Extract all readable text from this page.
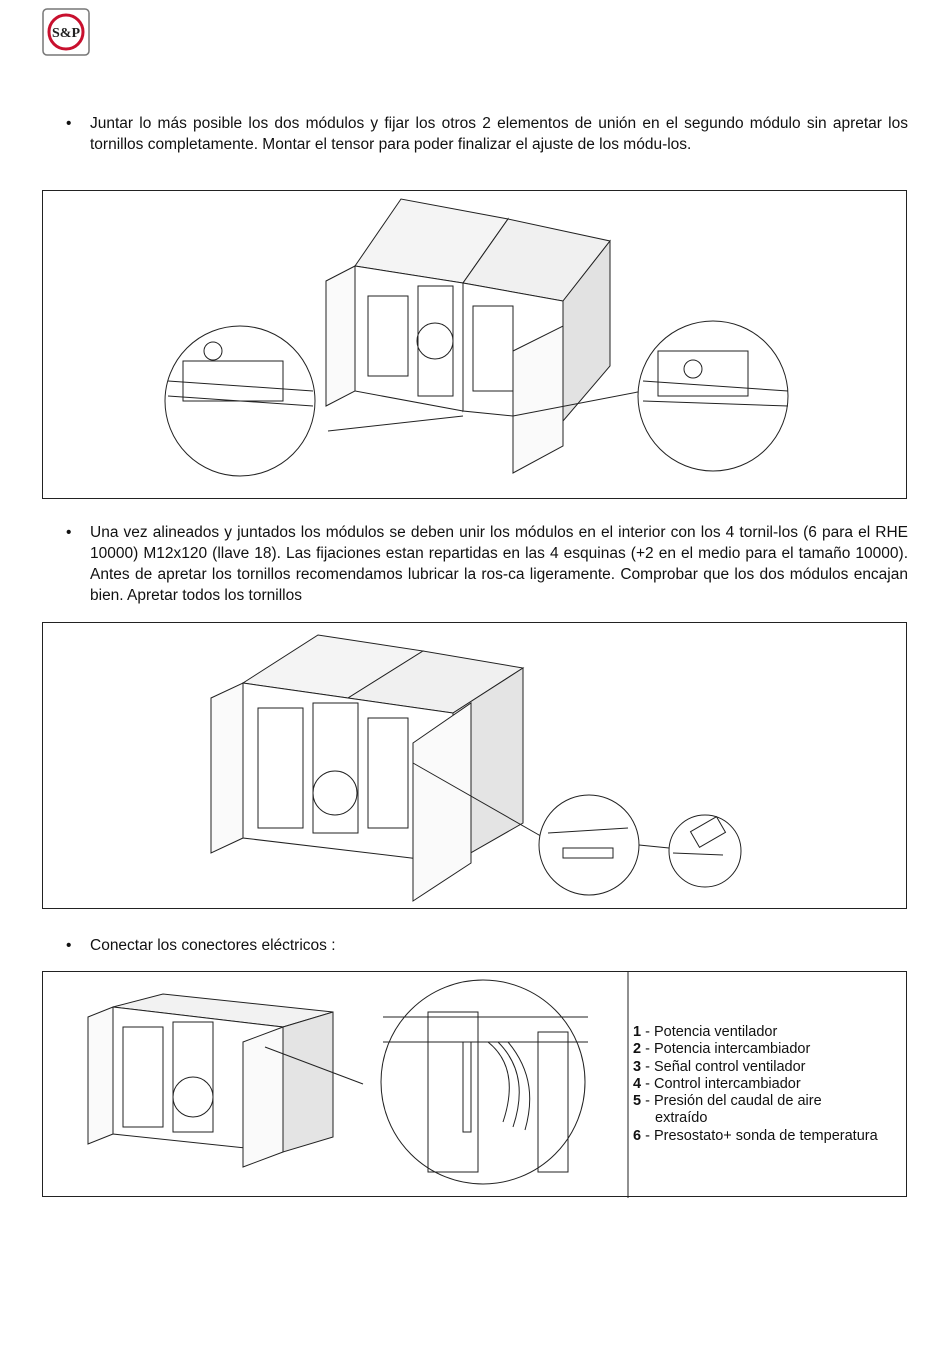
S&P
• Juntar lo más posible los dos módulos y fijar los otros 2 elementos de unión en el segundo módulo sin apretar los tornillos completamente. Montar el tensor para poder finalizar el ajuste de los módu-los.
• Una vez alineados y juntados los módulos se deben unir los módulos en el interior con los 4 tornil-los (6 para el RHE 10000) M12x120 (llave 18). Las fijaciones estan repartidas en las 4 esquinas (+2 en el medio para el tamaño 10000). Antes de apretar los tornillos recomendamos lubricar la ros-ca ligeramente. Comprobar que los dos módulos encajan bien. Apretar todos los tornillos
• Conectar los conectores eléctricos :
1
- Potencia ventilador
2
- Potencia intercambiador
3
- Señal control ventilador
4
- Control intercambiador
5
- Presión del caudal de aire
extraído
6
- Presostato+ sonda de temperatura
